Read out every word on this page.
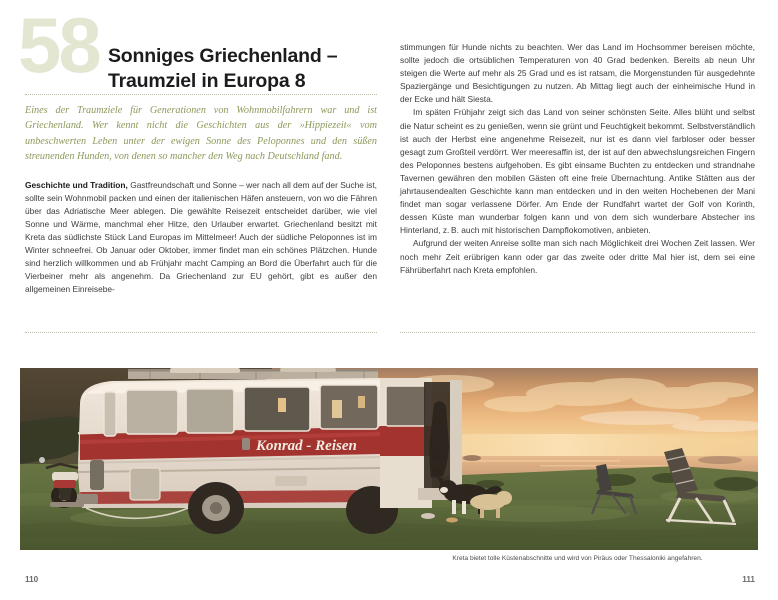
58 Sonniges Griechenland –
Traumziel in Europa 8

Eines der Traumziele für Generationen von Wohnmobilfahrern war und ist Griechenland. Wer kennt nicht die Geschichten aus der »Hippiezeit« vom unbeschwerten Leben unter der ewigen Sonne des Peloponnes und den süßen streunenden Hunden, von denen so mancher den Weg nach Deutschland fand.

Geschichte und Tradition, Gastfreundschaft und Sonne – wer nach all dem auf der Suche ist, sollte sein Wohnmobil packen und einen der italienischen Häfen ansteuern, von wo die Fähren über das Adriatische Meer ablegen. Die gewählte Reisezeit entscheidet darüber, wie viel Sonne und Wärme, manchmal eher Hitze, den Urlauber erwartet. Griechenland besitzt mit Kreta das südlichste Stück Land Europas im Mittelmeer! Auch der südliche Peloponnes ist im Winter schneefrei. Ob Januar oder Oktober, immer findet man ein schönes Plätzchen. Hunde sind herzlich willkommen und ab Frühjahr macht Camping an Bord die Überfahrt auch für die Vierbeiner mehr als angenehm. Da Griechenland zur EU gehört, gibt es außer den allgemeinen Einreisebe-

stimmungen für Hunde nichts zu beachten. Wer das Land im Hochsommer bereisen möchte, sollte jedoch die ortsüblichen Temperaturen von 40 Grad bedenken. Bereits ab neun Uhr steigen die Werte auf mehr als 25 Grad und es ist ratsam, die Morgenstunden für ausgedehnte Spaziergänge und Besichtigungen zu nutzen. Ab Mittag liegt auch der einheimische Hund in der Ecke und hält Siesta.

Im späten Frühjahr zeigt sich das Land von seiner schönsten Seite. Alles blüht und selbst die Natur scheint es zu genießen, wenn sie grünt und Feuchtigkeit bekommt. Selbstverständlich ist auch der Herbst eine angenehme Reisezeit, nur ist es dann viel farbloser oder besser gesagt zum Großteil verdörrt. Wer meeresaffin ist, der ist auf den abwechslungsreichen Fingern des Peloponnes bestens aufgehoben. Es gibt einsame Buchten zu entdecken und strandnahe Tavernen gewähren den mobilen Gästen oft eine freie Übernachtung. Antike Stätten aus der jahrtausendealten Geschichte kann man entdecken und in den weiten Hochebenen der Mani findet man sogar verlassene Dörfer. Am Ende der Rundfahrt wartet der Golf von Korinth, dessen Küste man wunderbar folgen kann und von dem sich wunderbare Abstecher ins Hinterland, z. B. auch mit historischen Dampflokomotiven, anbieten.

Aufgrund der weiten Anreise sollte man sich nach Möglichkeit drei Wochen Zeit lassen. Wer noch mehr Zeit erübrigen kann oder gar das zweite oder dritte Mal hier ist, dem sei eine Fährüberfahrt nach Kreta empfohlen.

Konrad - Reisen
Kreta bietet tolle Küstenabschnitte und wird von Piräus oder Thessaloniki angefahren.
110	111
